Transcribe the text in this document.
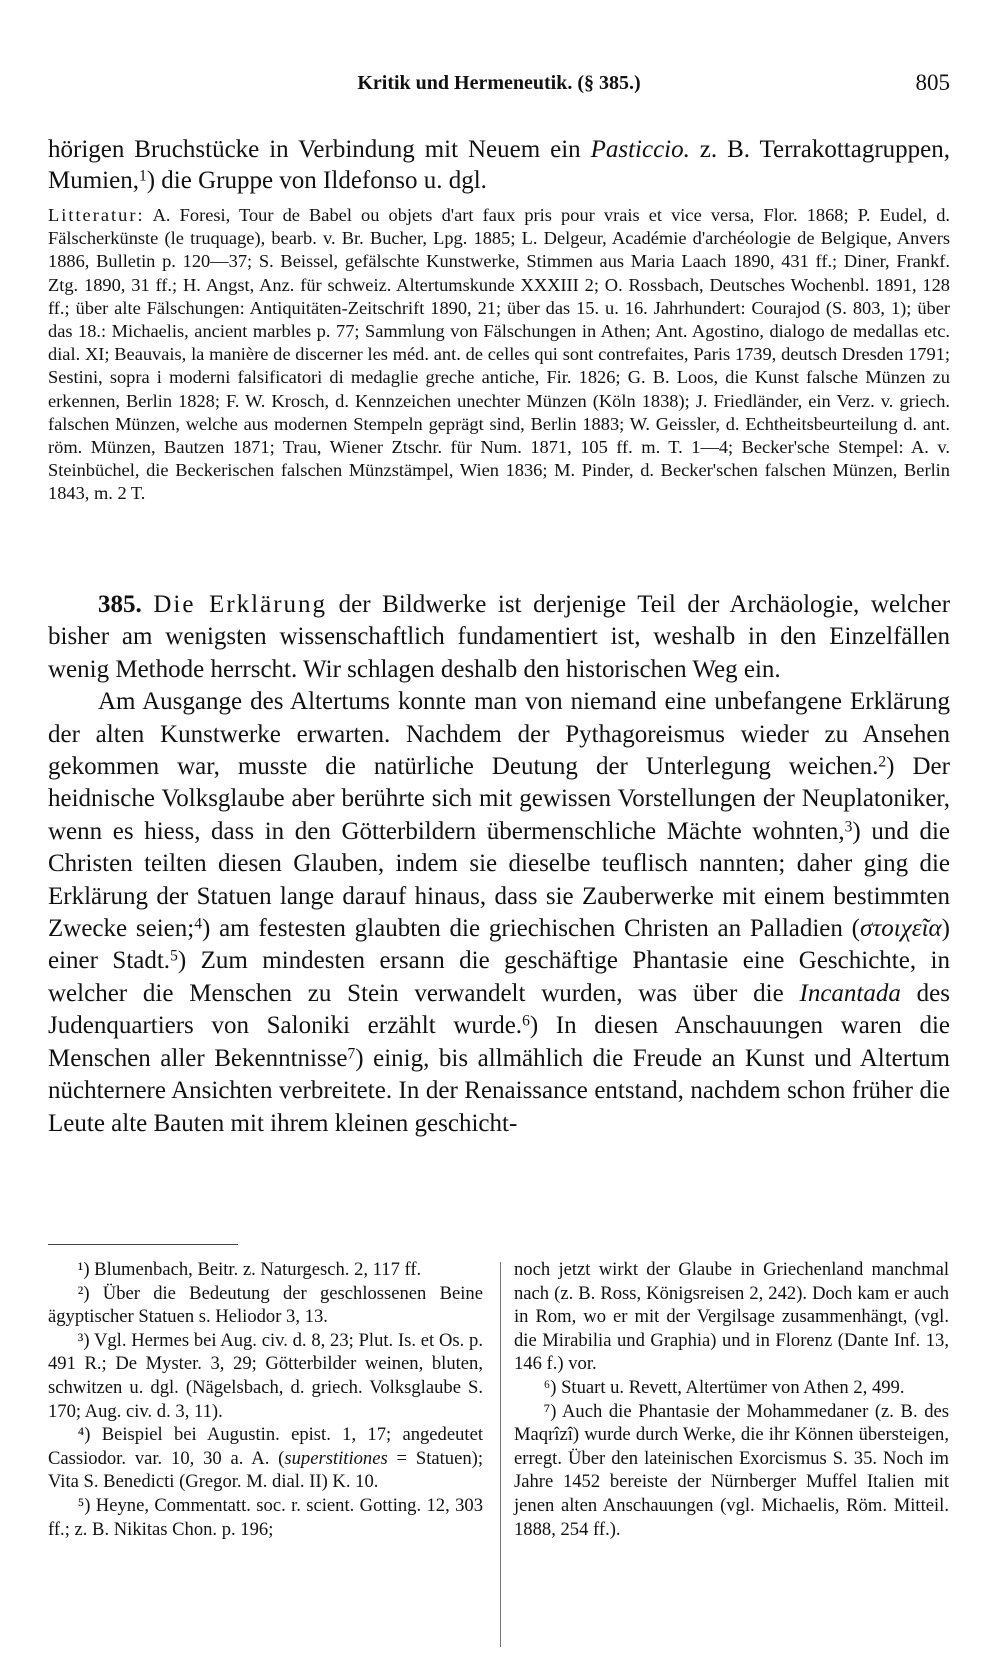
Kritik und Hermeneutik. (§ 385.)	805

hörigen Bruchstücke in Verbindung mit Neuem ein Pasticcio. z. B. Terrakottagruppen, Mumien,$^1$) die Gruppe von Ildefonso u. dgl.

Litteratur: A. Foresi, Tour de Babel ou objets d'art faux pris pour vrais et vice versa, Flor. 1868; P. Eudel, d. Fälscherkünste (le truquage), bearb. v. Br. Bucher, Lpg. 1885; L. Delgeur, Académie d'archéologie de Belgique, Anvers 1886, Bulletin p. 120—37; S. Beissel, gefälschte Kunstwerke, Stimmen aus Maria Laach 1890, 431 ff.; Diner, Frankf. Ztg. 1890, 31 ff.; H. Angst, Anz. für schweiz. Altertumskunde XXXIII 2; O. Rossbach, Deutsches Wochenbl. 1891, 128 ff.; über alte Fälschungen: Antiquitäten-Zeitschrift 1890, 21; über das 15. u. 16. Jahrhundert: Courajod (S. 803, 1); über das 18.: Michaelis, ancient marbles p. 77; Sammlung von Fälschungen in Athen; Ant. Agostino, dialogo de medallas etc. dial. XI; Beauvais, la manière de discerner les méd. ant. de celles qui sont contrefaites, Paris 1739, deutsch Dresden 1791; Sestini, sopra i moderni falsificatori di medaglie greche antiche, Fir. 1826; G. B. Loos, die Kunst falsche Münzen zu erkennen, Berlin 1828; F. W. Krosch, d. Kennzeichen unechter Münzen (Köln 1838); J. Friedländer, ein Verz. v. griech. falschen Münzen, welche aus modernen Stempeln geprägt sind, Berlin 1883; W. Geissler, d. Echtheitsbeurteilung d. ant. röm. Münzen, Bautzen 1871; Trau, Wiener Ztschr. für Num. 1871, 105 ff. m. T. 1—4; Becker'sche Stempel: A. v. Steinbüchel, die Beckerischen falschen Münzstämpel, Wien 1836; M. Pinder, d. Becker'schen falschen Münzen, Berlin 1843, m. 2 T.

385. Die Erklärung der Bildwerke ist derjenige Teil der Archäologie, welcher bisher am wenigsten wissenschaftlich fundamentiert ist, weshalb in den Einzelfällen wenig Methode herrscht. Wir schlagen deshalb den historischen Weg ein.

Am Ausgange des Altertums konnte man von niemand eine unbefangene Erklärung der alten Kunstwerke erwarten. Nachdem der Pythagoreismus wieder zu Ansehen gekommen war, musste die natürliche Deutung der Unterlegung weichen.$^2$) Der heidnische Volksglaube aber berührte sich mit gewissen Vorstellungen der Neuplatoniker, wenn es hiess, dass in den Götterbildern übermenschliche Mächte wohnten,$^3$) und die Christen teilten diesen Glauben, indem sie dieselbe teuflisch nannten; daher ging die Erklärung der Statuen lange darauf hinaus, dass sie Zauberwerke mit einem bestimmten Zwecke seien;$^4$) am festesten glaubten die griechischen Christen an Palladien (στοιχεῖα) einer Stadt.$^5$) Zum mindesten ersann die geschäftige Phantasie eine Geschichte, in welcher die Menschen zu Stein verwandelt wurden, was über die Incantada des Judenquartiers von Saloniki erzählt wurde.$^6$) In diesen Anschauungen waren die Menschen aller Bekenntnisse$^7$) einig, bis allmählich die Freude an Kunst und Altertum nüchternere Ansichten verbreitete. In der Renaissance entstand, nachdem schon früher die Leute alte Bauten mit ihrem kleinen geschicht-

¹) Blumenbach, Beitr. z. Naturgesch. 2, 117 ff.

²) Über die Bedeutung der geschlossenen Beine ägyptischer Statuen s. Heliodor 3, 13.

³) Vgl. Hermes bei Aug. civ. d. 8, 23; Plut. Is. et Os. p. 491 R.; De Myster. 3, 29; Götterbilder weinen, bluten, schwitzen u. dgl. (Nägelsbach, d. griech. Volksglaube S. 170; Aug. civ. d. 3, 11).

⁴) Beispiel bei Augustin. epist. 1, 17; angedeutet Cassiodor. var. 10, 30 a. A. (superstitiones = Statuen); Vita S. Benedicti (Gregor. M. dial. II) K. 10.

⁵) Heyne, Commentatt. soc. r. scient. Gotting. 12, 303 ff.; z. B. Nikitas Chon. p. 196;

noch jetzt wirkt der Glaube in Griechenland manchmal nach (z. B. Ross, Königsreisen 2, 242). Doch kam er auch in Rom, wo er mit der Vergilsage zusammenhängt, (vgl. die Mirabilia und Graphia) und in Florenz (Dante Inf. 13, 146 f.) vor.

⁶) Stuart u. Revett, Altertümer von Athen 2, 499.

⁷) Auch die Phantasie der Mohammedaner (z. B. des Maqrîzî) wurde durch Werke, die ihr Können übersteigen, erregt. Über den lateinischen Exorcismus S. 35. Noch im Jahre 1452 bereiste der Nürnberger Muffel Italien mit jenen alten Anschauungen (vgl. Michaelis, Röm. Mitteil. 1888, 254 ff.).
